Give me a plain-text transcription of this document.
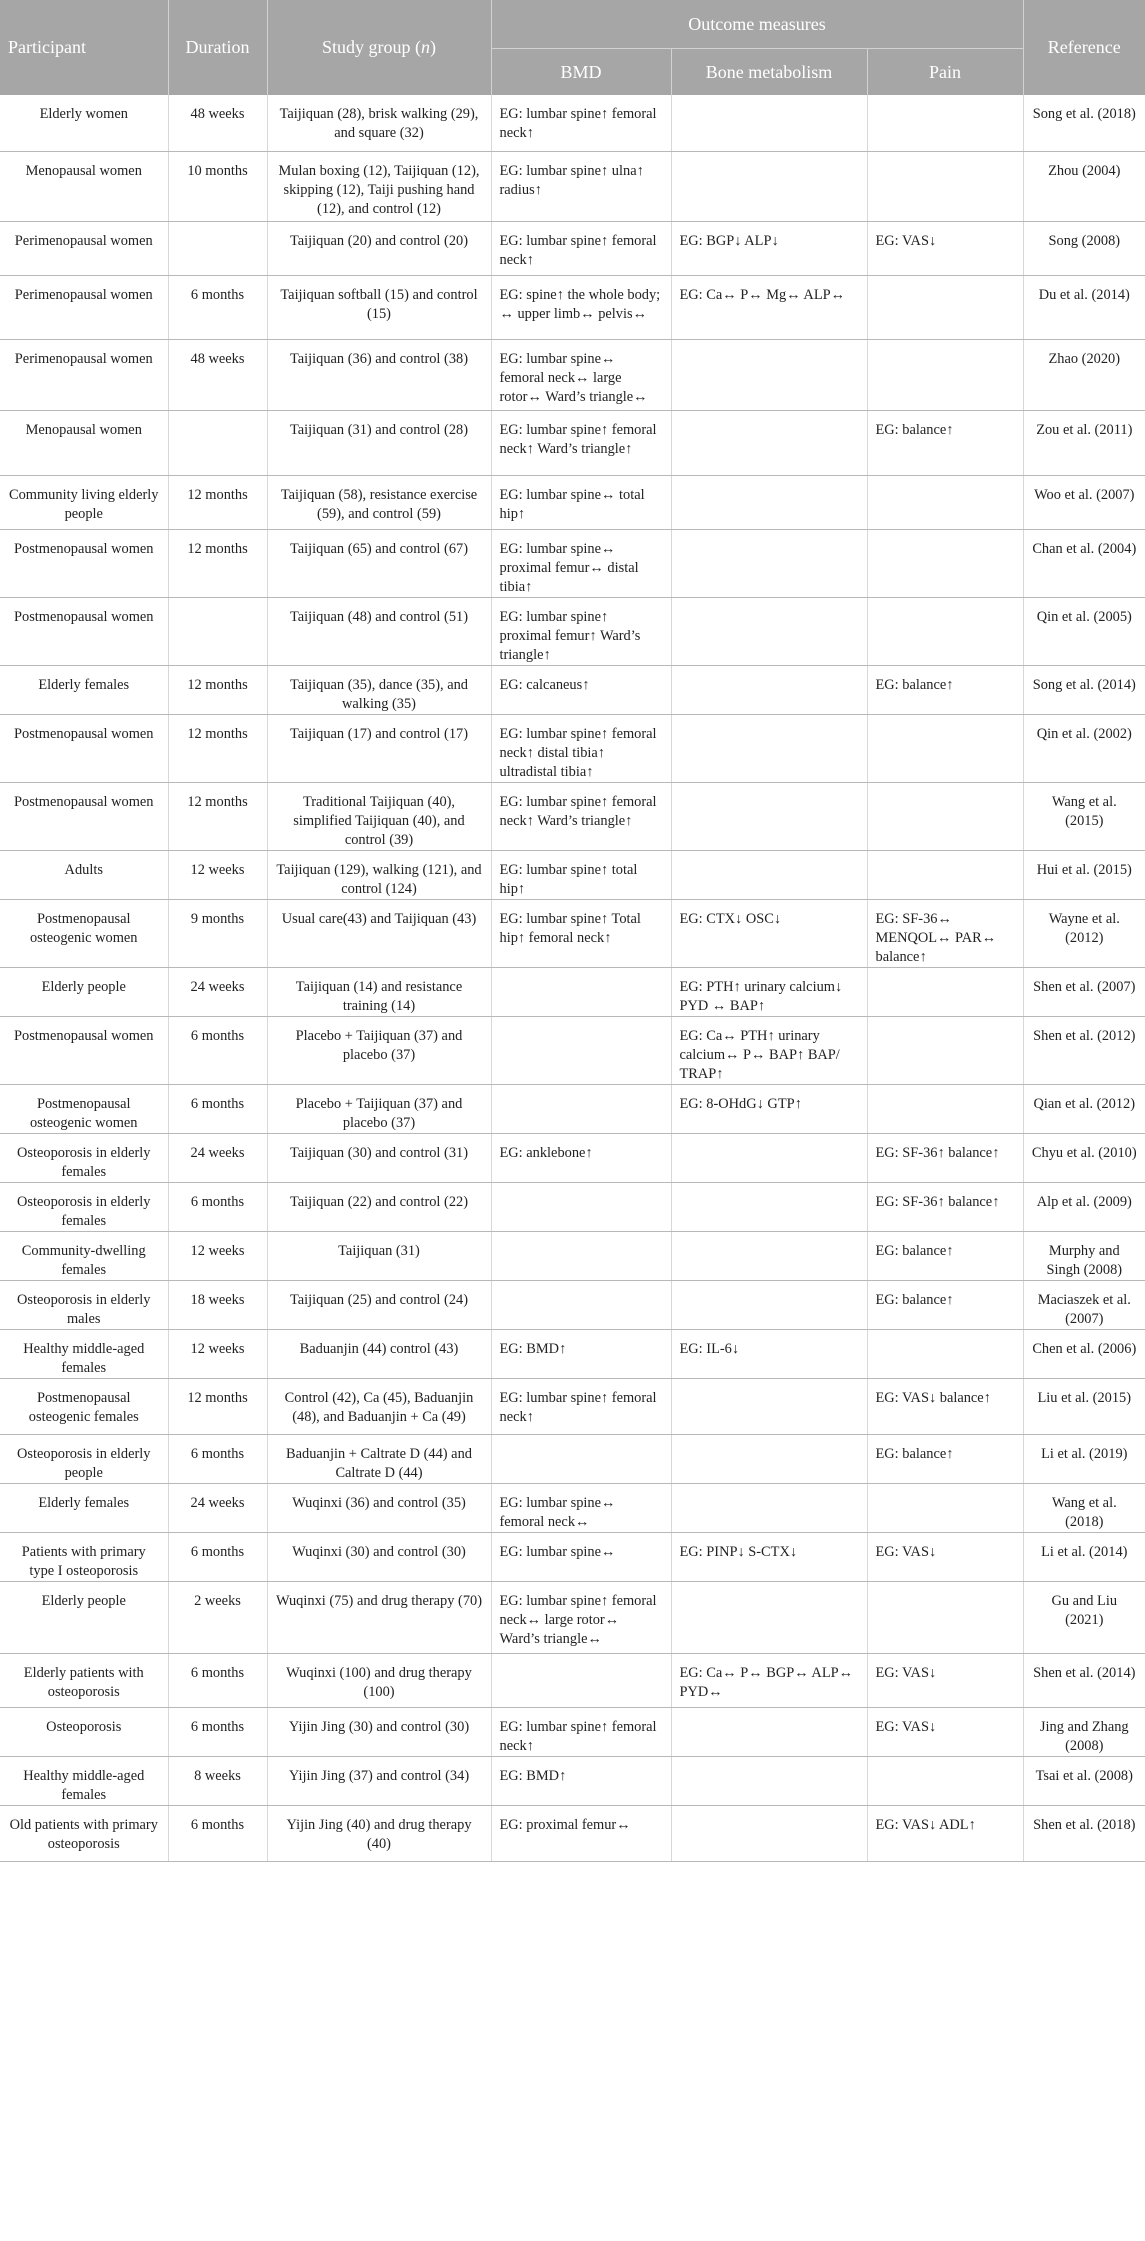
Participant	Duration	Study group (n)	Outcome measures			Reference
			BMD	Bone metabolism	Pain	
Elderly women	48 weeks	Taijiquan (28), brisk walking (29), and square (32)	EG: lumbar spine↑ femoral neck↑			Song et al. (2018)
Menopausal women	10 months	Mulan boxing (12), Taijiquan (12), skipping (12), Taiji pushing hand (12), and control (12)	EG: lumbar spine↑ ulna↑ radius↑			Zhou (2004)
Perimenopausal women		Taijiquan (20) and control (20)	EG: lumbar spine↑ femoral neck↑	EG: BGP↓ ALP↓	EG: VAS↓	Song (2008)
Perimenopausal women	6 months	Taijiquan softball (15) and control (15)	EG: spine↑ the whole body; ↔ upper limb↔ pelvis↔	EG: Ca↔ P↔ Mg↔ ALP↔		Du et al. (2014)
Perimenopausal women	48 weeks	Taijiquan (36) and control (38)	EG: lumbar spine↔ femoral neck↔ large rotor↔ Ward’s triangle↔			Zhao (2020)
Menopausal women		Taijiquan (31) and control (28)	EG: lumbar spine↑ femoral neck↑ Ward’s triangle↑		EG: balance↑	Zou et al. (2011)
Community living elderly people	12 months	Taijiquan (58), resistance exercise (59), and control (59)	EG: lumbar spine↔ total hip↑			Woo et al. (2007)
Postmenopausal women	12 months	Taijiquan (65) and control (67)	EG: lumbar spine↔ proximal femur↔ distal tibia↑			Chan et al. (2004)
Postmenopausal women		Taijiquan (48) and control (51)	EG: lumbar spine↑ proximal femur↑ Ward’s triangle↑			Qin et al. (2005)
Elderly females	12 months	Taijiquan (35), dance (35), and walking (35)	EG: calcaneus↑		EG: balance↑	Song et al. (2014)
Postmenopausal women	12 months	Taijiquan (17) and control (17)	EG: lumbar spine↑ femoral neck↑ distal tibia↑ ultradistal tibia↑			Qin et al. (2002)
Postmenopausal women	12 months	Traditional Taijiquan (40), simplified Taijiquan (40), and control (39)	EG: lumbar spine↑ femoral neck↑ Ward’s triangle↑			Wang et al. (2015)
Adults	12 weeks	Taijiquan (129), walking (121), and control (124)	EG: lumbar spine↑ total hip↑			Hui et al. (2015)
Postmenopausal osteogenic women	9 months	Usual care(43) and Taijiquan (43)	EG: lumbar spine↑ Total hip↑ femoral neck↑	EG: CTX↓ OSC↓	EG: SF-36↔ MENQOL↔ PAR↔ balance↑	Wayne et al. (2012)
Elderly people	24 weeks	Taijiquan (14) and resistance training (14)		EG: PTH↑ urinary calcium↓ PYD ↔ BAP↑		Shen et al. (2007)
Postmenopausal women	6 months	Placebo + Taijiquan (37) and placebo (37)		EG: Ca↔ PTH↑ urinary calcium↔ P↔ BAP↑ BAP/ TRAP↑		Shen et al. (2012)
Postmenopausal osteogenic women	6 months	Placebo + Taijiquan (37) and placebo (37)		EG: 8-OHdG↓ GTP↑		Qian et al. (2012)
Osteoporosis in elderly females	24 weeks	Taijiquan (30) and control (31)	EG: anklebone↑		EG: SF-36↑ balance↑	Chyu et al. (2010)
Osteoporosis in elderly females	6 months	Taijiquan (22) and control (22)			EG: SF-36↑ balance↑	Alp et al. (2009)
Community-dwelling females	12 weeks	Taijiquan (31)			EG: balance↑	Murphy and Singh (2008)
Osteoporosis in elderly males	18 weeks	Taijiquan (25) and control (24)			EG: balance↑	Maciaszek et al. (2007)
Healthy middle-aged females	12 weeks	Baduanjin (44) control (43)	EG: BMD↑	EG: IL-6↓		Chen et al. (2006)
Postmenopausal osteogenic females	12 months	Control (42), Ca (45), Baduanjin (48), and Baduanjin + Ca (49)	EG: lumbar spine↑ femoral neck↑		EG: VAS↓ balance↑	Liu et al. (2015)
Osteoporosis in elderly people	6 months	Baduanjin + Caltrate D (44) and Caltrate D (44)			EG: balance↑	Li et al. (2019)
Elderly females	24 weeks	Wuqinxi (36) and control (35)	EG: lumbar spine↔ femoral neck↔			Wang et al. (2018)
Patients with primary type I osteoporosis	6 months	Wuqinxi (30) and control (30)	EG: lumbar spine↔	EG: PINP↓ S-CTX↓	EG: VAS↓	Li et al. (2014)
Elderly people	2 weeks	Wuqinxi (75) and drug therapy (70)	EG: lumbar spine↑ femoral neck↔ large rotor↔ Ward’s triangle↔			Gu and Liu (2021)
Elderly patients with osteoporosis	6 months	Wuqinxi (100) and drug therapy (100)		EG: Ca↔ P↔ BGP↔ ALP↔ PYD↔	EG: VAS↓	Shen et al. (2014)
Osteoporosis	6 months	Yijin Jing (30) and control (30)	EG: lumbar spine↑ femoral neck↑		EG: VAS↓	Jing and Zhang (2008)
Healthy middle-aged females	8 weeks	Yijin Jing (37) and control (34)	EG: BMD↑			Tsai et al. (2008)
Old patients with primary osteoporosis	6 months	Yijin Jing (40) and drug therapy (40)	EG: proximal femur↔		EG: VAS↓ ADL↑	Shen et al. (2018)
